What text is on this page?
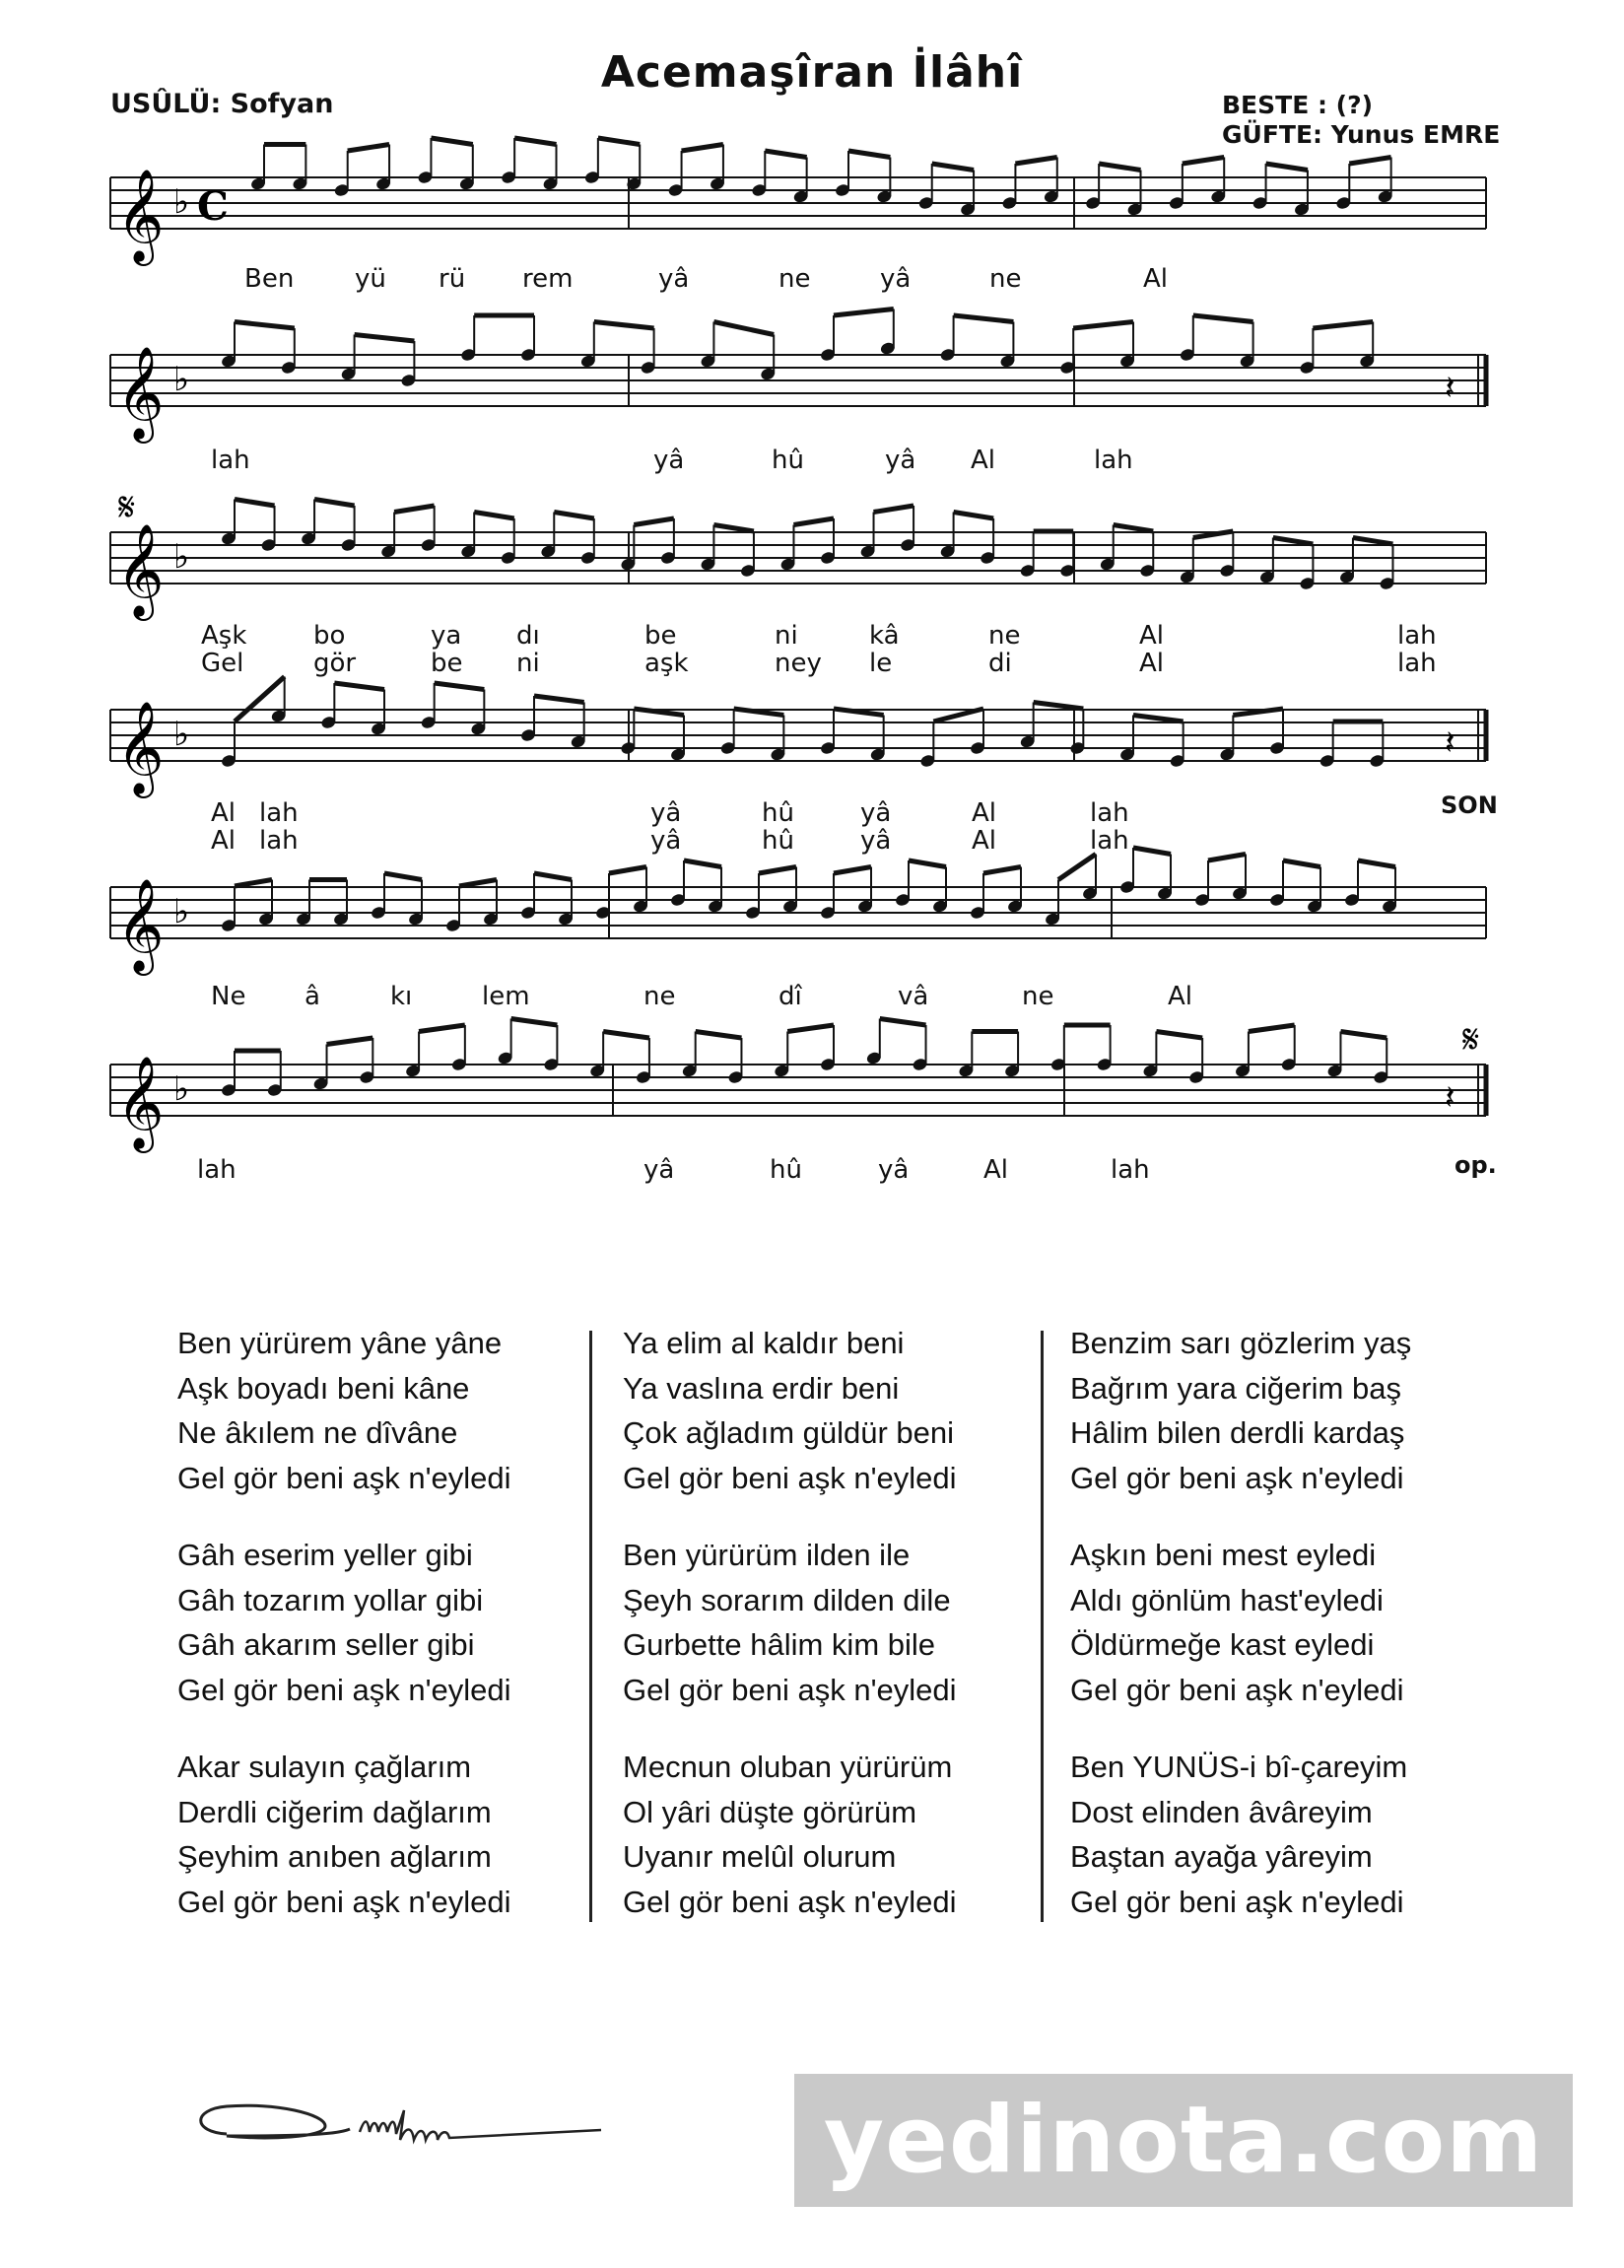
Acemaşîran İlâhî
USÛLÜ: Sofyan	BESTE : (?)
GÜFTE: Yunus EMRE
𝄞 ♭ C
𝄞 ♭	𝄽
𝄞 ♭
𝄋
𝄞 ♭	𝄽
𝄞 ♭
𝄞 ♭
𝄋
𝄽
Ben yü rü rem	yâ	ne	yâ	ne	Al
lah	yâ	hû	yâ Al	lah
Aşk	bo	ya dı	be	ni	kâ	ne	Al	lah
Gel	gör	be ni	aşk	ney le	di	Al	lah
Al lah	yâ	hû	yâ	Al	lah
Al lah	yâ	hû	yâ	Al	lah
Ne â	kı	lem	ne	dî	vâ	ne	Al
lah	yâ	hû	yâ	Al	lah
SON
op.
Ben yürürem yâne yâne
Aşk boyadı beni kâne
Ne âkılem ne dîvâne
Gel gör beni aşk n'eyledi
Gâh eserim yeller gibi
Gâh tozarım yollar gibi
Gâh akarım seller gibi
Gel gör beni aşk n'eyledi
Akar sulayın çağlarım
Derdli ciğerim dağlarım
Şeyhim anıben ağlarım
Gel gör beni aşk n'eyledi
Ya elim al kaldır beni
Ya vaslına erdir beni
Çok ağladım güldür beni
Gel gör beni aşk n'eyledi
Ben yürürüm ilden ile
Şeyh sorarım dilden dile
Gurbette hâlim kim bile
Gel gör beni aşk n'eyledi
Mecnun oluban yürürüm
Ol yâri düşte görürüm
Uyanır melûl olurum
Gel gör beni aşk n'eyledi
Benzim sarı gözlerim yaş
Bağrım yara ciğerim baş
Hâlim bilen derdli kardaş
Gel gör beni aşk n'eyledi
Aşkın beni mest eyledi
Aldı gönlüm hast'eyledi
Öldürmeğe kast eyledi
Gel gör beni aşk n'eyledi
Ben YUNÜS-i bî-çareyim
Dost elinden âvâreyim
Baştan ayağa yâreyim
Gel gör beni aşk n'eyledi
yedinota.com
